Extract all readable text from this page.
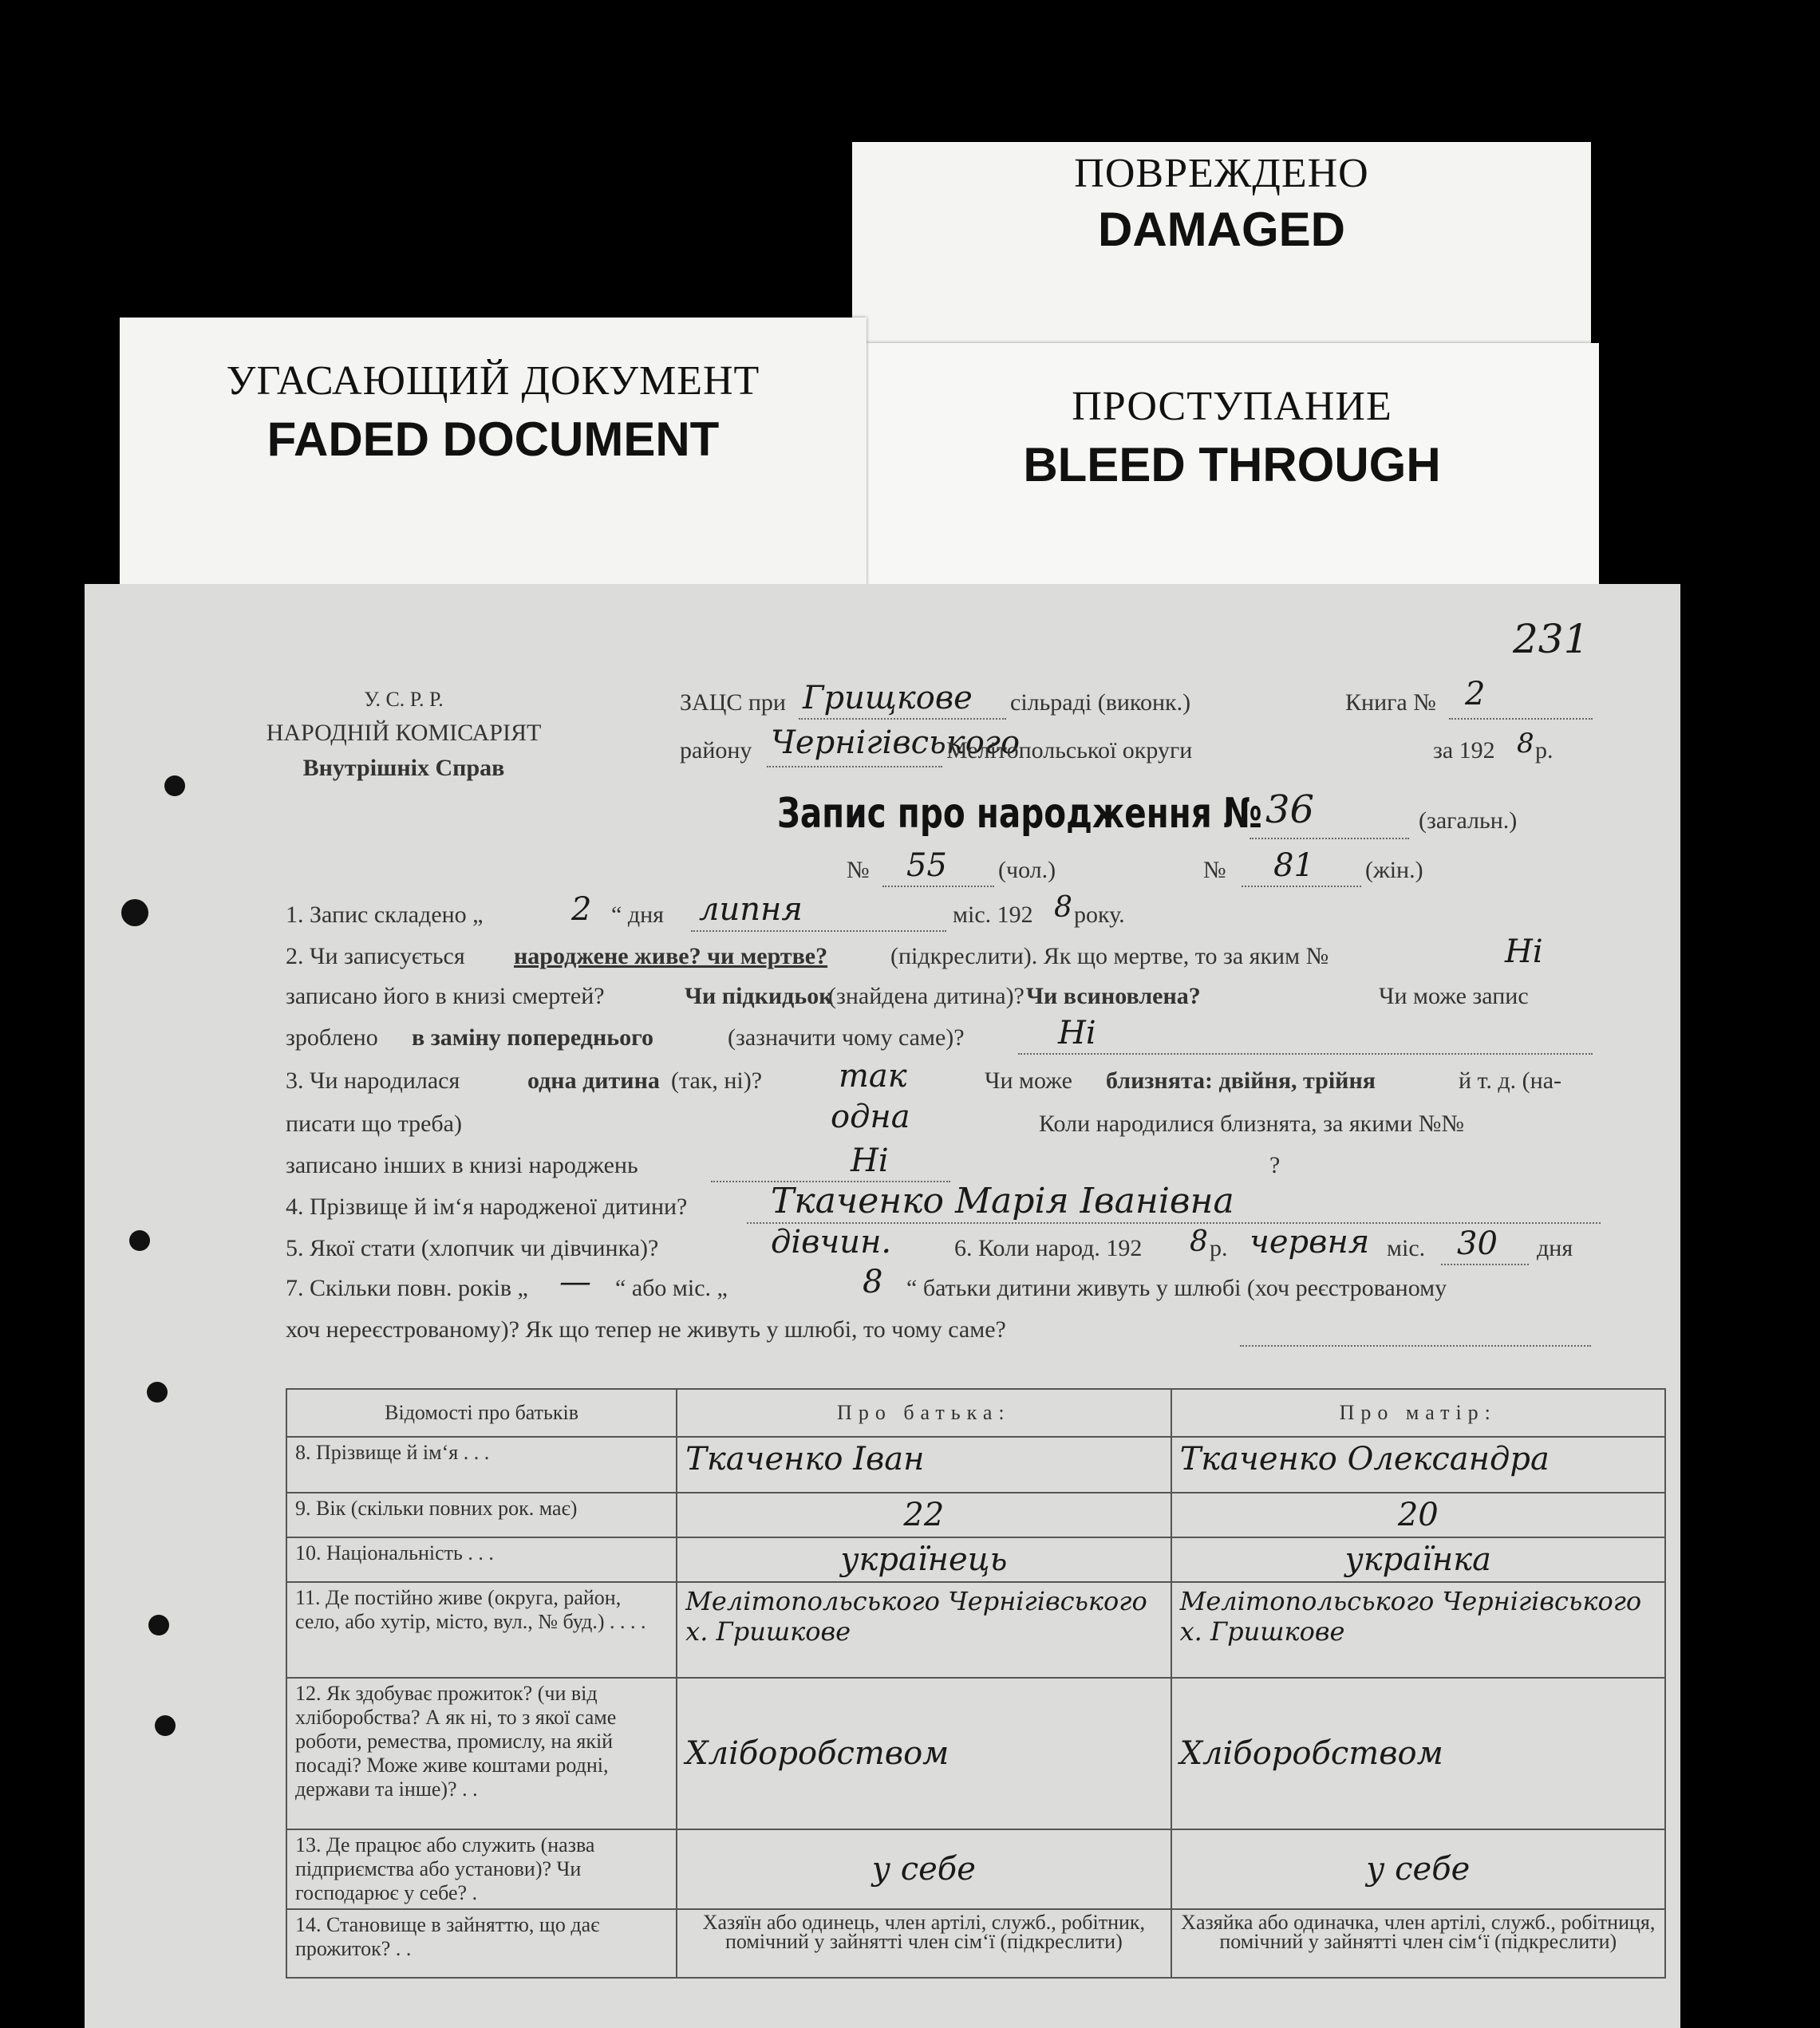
ПОВРЕЖДЕНО
DAMAGED
ПРОСТУПАНИЕ
BLEED THROUGH
УГАСАЮЩИЙ ДОКУМЕНТ
FADED DOCUMENT
У. С. Р. Р.
НАРОДНІЙ КОМІСАРІЯТ
Внутрішніх Справ
ЗАЦС при Грищкове сільраді (виконк.)	Книга № 2
231
району Чернігівського
Мелітопольської округи	за 192 8 р.
Запис про народження № 36	(загальн.)
№ 55 (чол.)	№ 81 (жін.)
1. Запис складено „	2 “ дня липня	міс. 192 8 року.
2. Чи записується народжене живе? чи мертве?	(підкреслити). Як що мертве, то за яким №	Ні
записано його в книзі смертей?	Чи підкидьок
(знайдена дитина)? Чи всиновлена?	Чи може запис
зроблено в заміну попереднього	(зазначити чому саме)?	Ні
3. Чи народилася	одна дитина (так, ні)? так	Чи може близнята: двійня, трійня	й т. д. (на-
писати що треба)	одна	Коли народилися близнята, за якими №№
записано інших в книзі народжень	Ні	?
4. Прізвище й ім‘я народженої дитини? Ткаченко Марія Іванівна
5. Якої стати (хлопчик чи дівчинка)?	дівчин.	6. Коли народ. 192 8 р. червня міс. 30 дня
7. Скільки повн. років „ — “ або міс. „	8 “ батьки дитини живуть у шлюбі (хоч реєстрованому
хоч нереєстрованому)? Як що тепер не живуть у шлюбі, то чому саме?
Відомості про батьків	Про батька:	Про матір:
8. Прізвище й ім‘я . . .	Ткаченко Іван	Ткаченко Олександра
9. Вік (скільки повних рок. має)	22	20
10. Національність . . .	українець	українка
11. Де постійно живе (округа, район, село, або хутір, місто, вул., № буд.) . . . .	Мелітопольського Чернігівського х. Гришкове	Мелітопольського Чернігівського х. Гришкове
12. Як здобуває прожиток? (чи від хліборобства? А як ні, то з якої саме роботи, ремества, промислу, на якій посаді? Може живе коштами родні, держави та інше)? . .	Хліборобством	Хліборобством
13. Де працює або служить (назва підприємства або установи)? Чи господарює у себе? .	у себе	у себе
14. Становище в зайняттю, що дає прожиток? . .	Хазяїн або одинець, член артілі, служб., робітник, помічний у зайнятті член сім‘ї (підкреслити)	Хазяйка або одиначка, член артілі, служб., робітниця, помічний у зайнятті член сім‘ї (підкреслити)
